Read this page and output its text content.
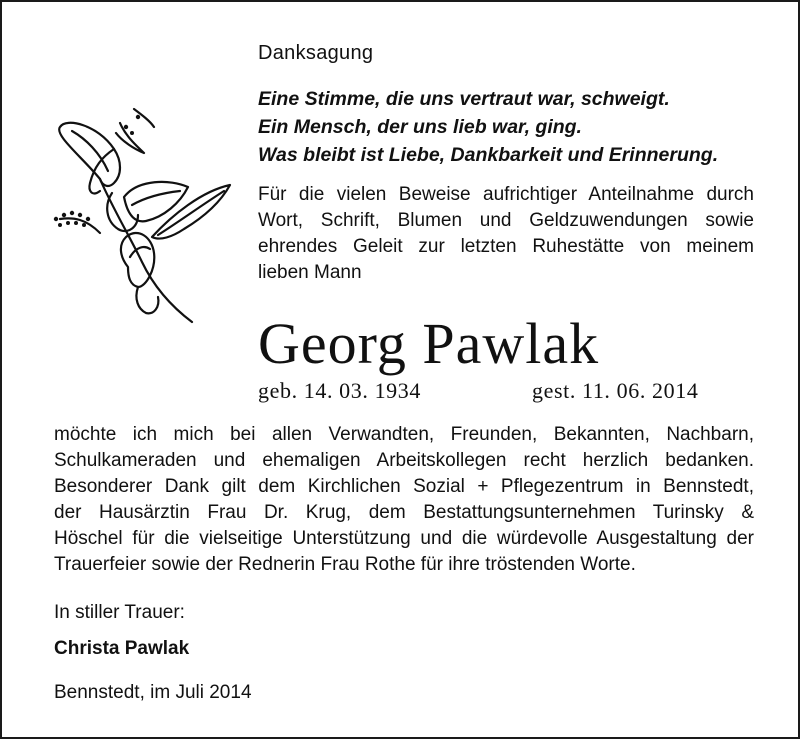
Danksagung
Eine Stimme, die uns vertraut war, schweigt.
Ein Mensch, der uns lieb war, ging.
Was bleibt ist Liebe, Dankbarkeit und Erinnerung.
Für die vielen Beweise aufrichtiger Anteilnahme durch
Wort, Schrift, Blumen und Geldzuwendungen sowie
ehrendes Geleit zur letzten Ruhestätte von meinem
lieben Mann
Georg Pawlak
geb. 14. 03. 1934	gest. 11. 06. 2014
möchte ich mich bei allen Verwandten, Freunden, Bekannten, Nachbarn,
Schulkameraden und ehemaligen Arbeitskollegen recht herzlich bedanken.
Besonderer Dank gilt dem Kirchlichen Sozial + Pflegezentrum in Bennstedt,
der Hausärztin Frau Dr. Krug, dem Bestattungsunternehmen Turinsky &
Höschel für die vielseitige Unterstützung und die würdevolle Ausgestaltung der
Trauerfeier sowie der Rednerin Frau Rothe für ihre tröstenden Worte.
In stiller Trauer:
Christa Pawlak
Bennstedt, im Juli 2014
